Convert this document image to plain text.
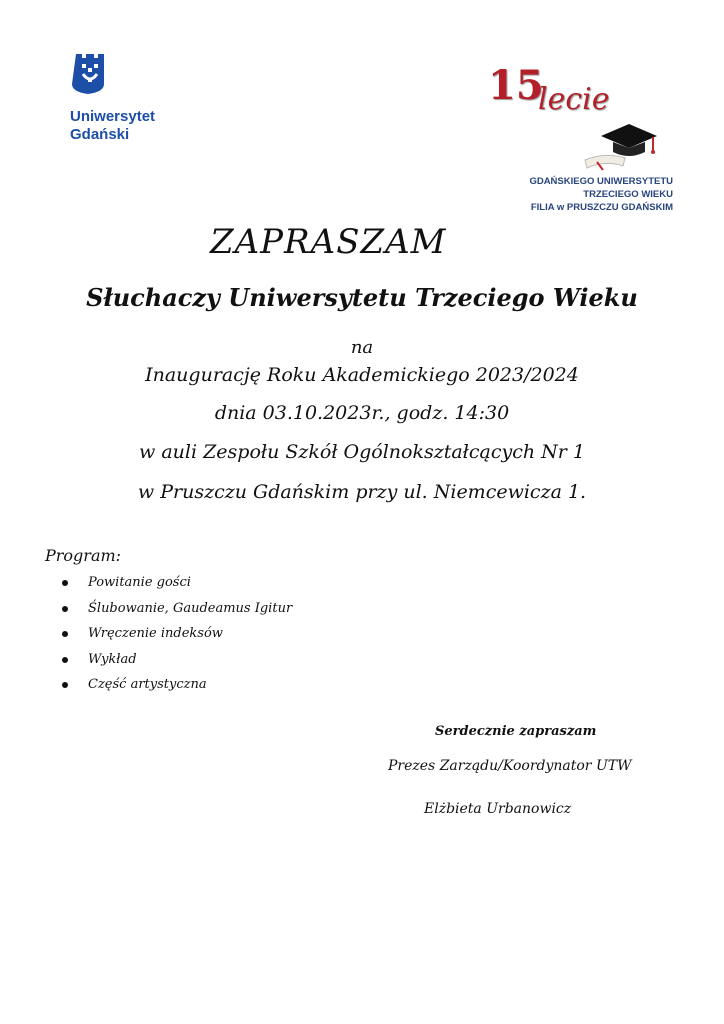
Uniwersytet
Gdański
15
lecie
GDAŃSKIEGO UNIWERSYTETU
TRZECIEGO WIEKU
FILIA w PRUSZCZU GDAŃSKIM
ZAPRASZAM
Słuchaczy Uniwersytetu Trzeciego Wieku
na
Inaugurację Roku Akademickiego 2023/2024
dnia 03.10.2023r., godz. 14:30
w auli Zespołu Szkół Ogólnokształcących Nr 1
w Pruszczu Gdańskim przy ul. Niemcewicza 1.
Program:
Powitanie gości
Ślubowanie, Gaudeamus Igitur
Wręczenie indeksów
Wykład
Część artystyczna
Serdecznie zapraszam
Prezes Zarządu/Koordynator UTW
Elżbieta Urbanowicz
